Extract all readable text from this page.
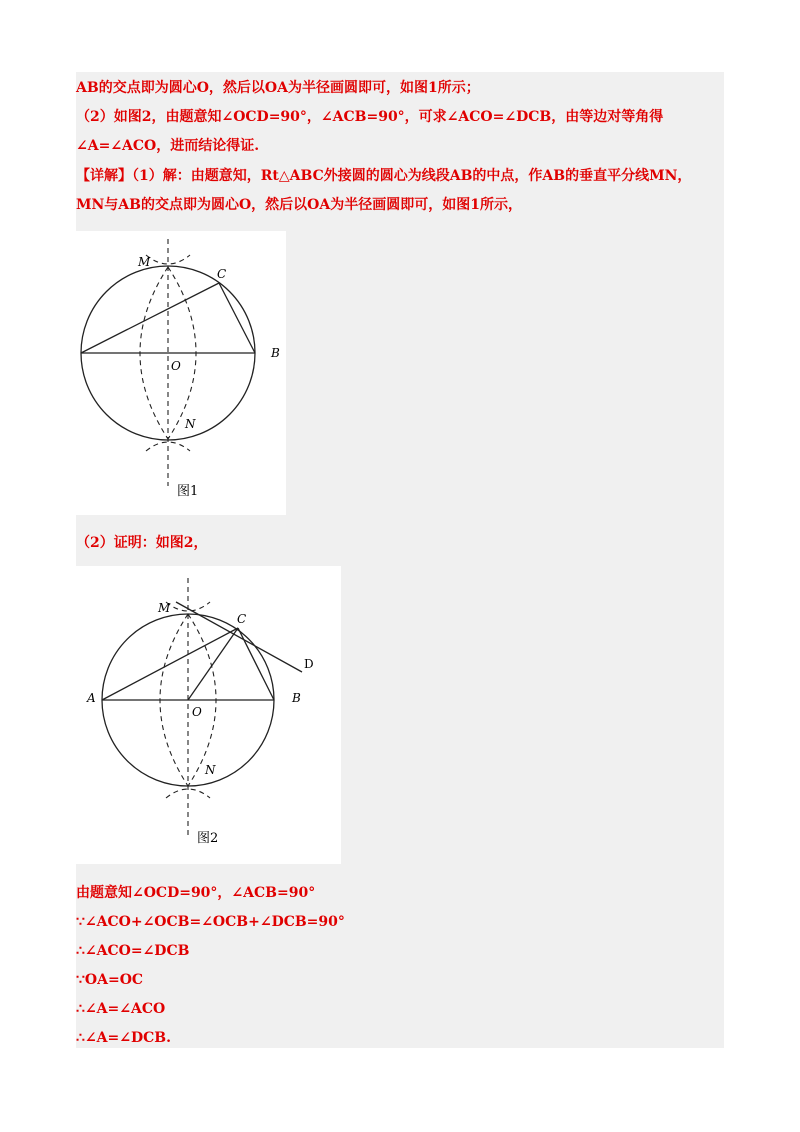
AB的交点即为圆心O，然后以OA为半径画圆即可，如图1所示；
（2）如图2，由题意知∠OCD=90°，∠ACB=90°，可求∠ACO=∠DCB，由等边对等角得
∠A=∠ACO，进而结论得证.
【详解】（1）解：由题意知，Rt△ABC外接圆的圆心为线段AB的中点，作AB的垂直平分线MN，
MN与AB的交点即为圆心O，然后以OA为半径画圆即可，如图1所示，
M
C
B
O
N
图1
（2）证明：如图2，
M
C
D
A	B
O
N
图2
由题意知∠OCD=90°，∠ACB=90°
∵∠ACO+∠OCB=∠OCB+∠DCB=90°
∴∠ACO=∠DCB
∵OA=OC
∴∠A=∠ACO
∴∠A=∠DCB.
